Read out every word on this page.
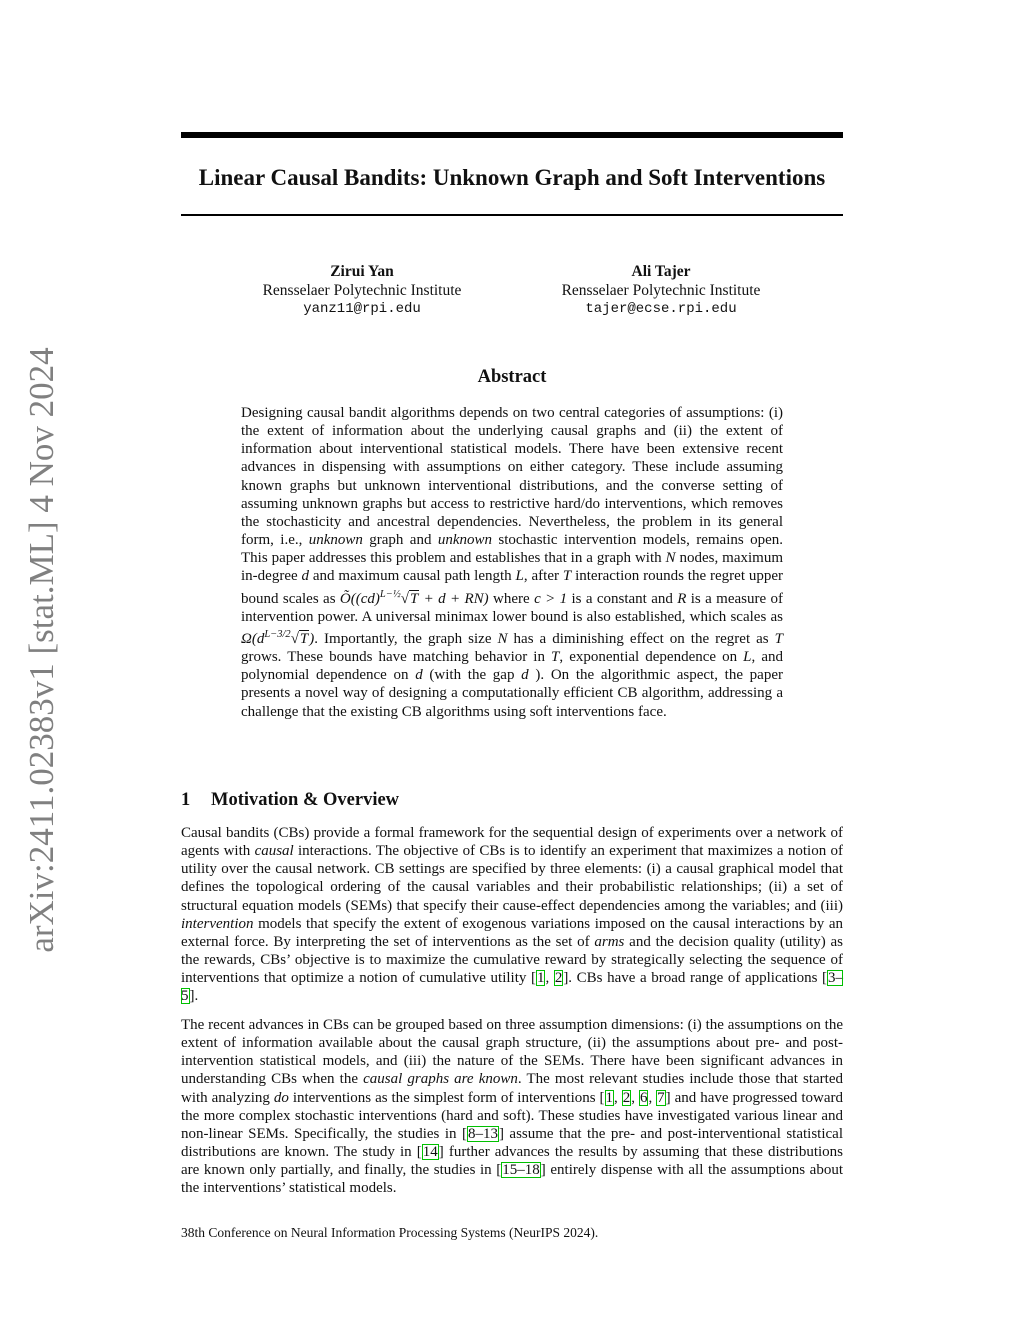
arXiv:2411.02383v1 [stat.ML] 4 Nov 2024
Linear Causal Bandits: Unknown Graph and Soft Interventions
Zirui Yan
Rensselaer Polytechnic Institute
yanz11@rpi.edu
Ali Tajer
Rensselaer Polytechnic Institute
tajer@ecse.rpi.edu
Abstract
Designing causal bandit algorithms depends on two central categories of assumptions: (i) the extent of information about the underlying causal graphs and (ii) the extent of information about interventional statistical models. There have been extensive recent advances in dispensing with assumptions on either category. These include assuming known graphs but unknown interventional distributions, and the converse setting of assuming unknown graphs but access to restrictive hard/do interventions, which removes the stochasticity and ancestral dependencies. Nevertheless, the problem in its general form, i.e., unknown graph and unknown stochastic intervention models, remains open. This paper addresses this problem and establishes that in a graph with N nodes, maximum in-degree d and maximum causal path length L, after T interaction rounds the regret upper bound scales as Õ((cd)$^{L-\frac{1}{2}}$√T + d + RN) where c > 1 is a constant and R is a measure of intervention power. A universal minimax lower bound is also established, which scales as $\Omega(d^{L-3/2}√T)$. Importantly, the graph size N has a diminishing effect on the regret as T grows. These bounds have matching behavior in T, exponential dependence on L, and polynomial dependence on d (with the gap d ). On the algorithmic aspect, the paper presents a novel way of designing a computationally efficient CB algorithm, addressing a challenge that the existing CB algorithms using soft interventions face.
1 Motivation & Overview
Causal bandits (CBs) provide a formal framework for the sequential design of experiments over a network of agents with causal interactions. The objective of CBs is to identify an experiment that maximizes a notion of utility over the causal network. CB settings are specified by three elements: (i) a causal graphical model that defines the topological ordering of the causal variables and their probabilistic relationships; (ii) a set of structural equation models (SEMs) that specify their cause-effect dependencies among the variables; and (iii) intervention models that specify the extent of exogenous variations imposed on the causal interactions by an external force. By interpreting the set of interventions as the set of arms and the decision quality (utility) as the rewards, CBs’ objective is to maximize the cumulative reward by strategically selecting the sequence of interventions that optimize a notion of cumulative utility [1, 2]. CBs have a broad range of applications [3–5].
The recent advances in CBs can be grouped based on three assumption dimensions: (i) the assumptions on the extent of information available about the causal graph structure, (ii) the assumptions about pre- and post-intervention statistical models, and (iii) the nature of the SEMs. There have been significant advances in understanding CBs when the causal graphs are known. The most relevant studies include those that started with analyzing do interventions as the simplest form of interventions [1, 2, 6, 7] and have progressed toward the more complex stochastic interventions (hard and soft). These studies have investigated various linear and non-linear SEMs. Specifically, the studies in [8–13] assume that the pre- and post-interventional statistical distributions are known. The study in [14] further advances the results by assuming that these distributions are known only partially, and finally, the studies in [15–18] entirely dispense with all the assumptions about the interventions’ statistical models.
38th Conference on Neural Information Processing Systems (NeurIPS 2024).
